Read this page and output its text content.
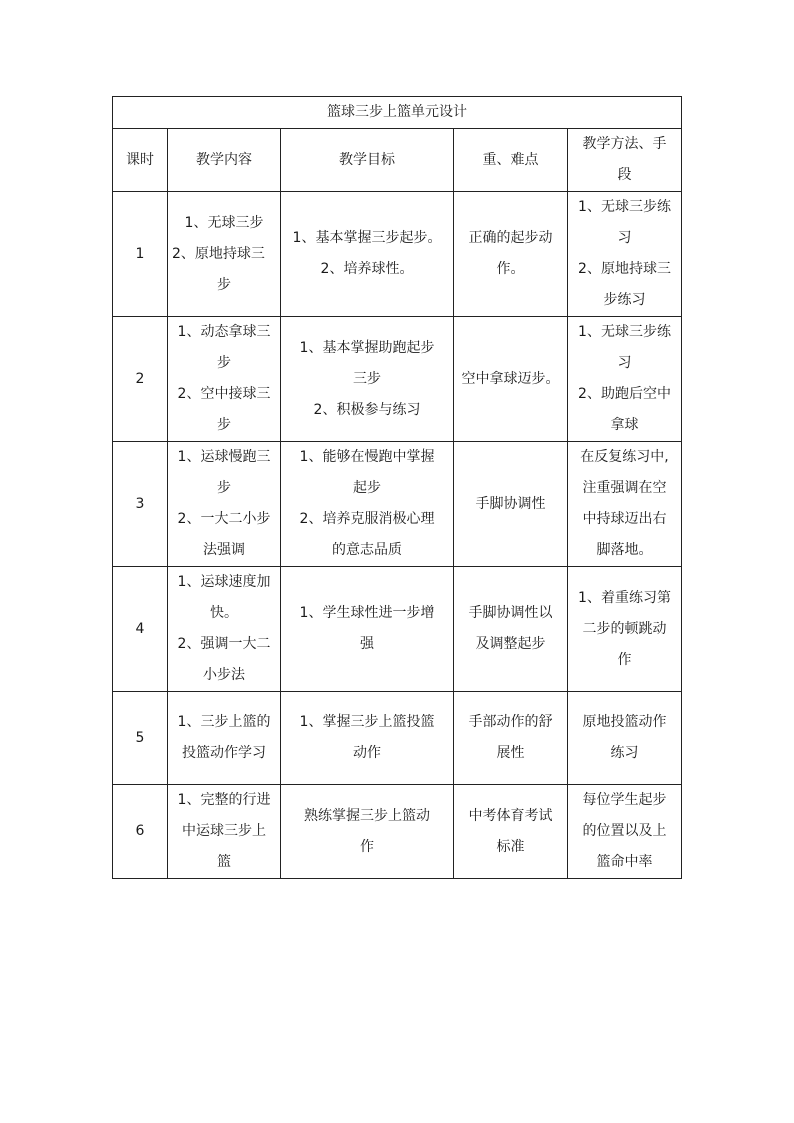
篮球三步上篮单元设计				
课时	教学内容	教学目标	重、难点	教学方法、手
段

1	1、无球三步
2、原地持球三
步	1、基本掌握三步起步。
2、培养球性。	正确的起步动
作。	1、无球三步练
习
2、原地持球三
步练习

2	1、动态拿球三
步
2、空中接球三
步	1、基本掌握助跑起步
三步
2、积极参与练习	空中拿球迈步。	1、无球三步练
习
2、助跑后空中
拿球

3	1、运球慢跑三
步
2、一大二小步
法强调	1、能够在慢跑中掌握
起步
2、培养克服消极心理
的意志品质	手脚协调性	在反复练习中,
注重强调在空
中持球迈出右
脚落地。

4	1、运球速度加
快。
2、强调一大二
小步法	1、学生球性进一步增
强	手脚协调性以
及调整起步	1、着重练习第
二步的顿跳动
作

5	1、三步上篮的
投篮动作学习	1、掌握三步上篮投篮
动作	手部动作的舒
展性	原地投篮动作
练习

6	1、完整的行进
中运球三步上
篮	熟练掌握三步上篮动
作	中考体育考试
标准	每位学生起步
的位置以及上
篮命中率
